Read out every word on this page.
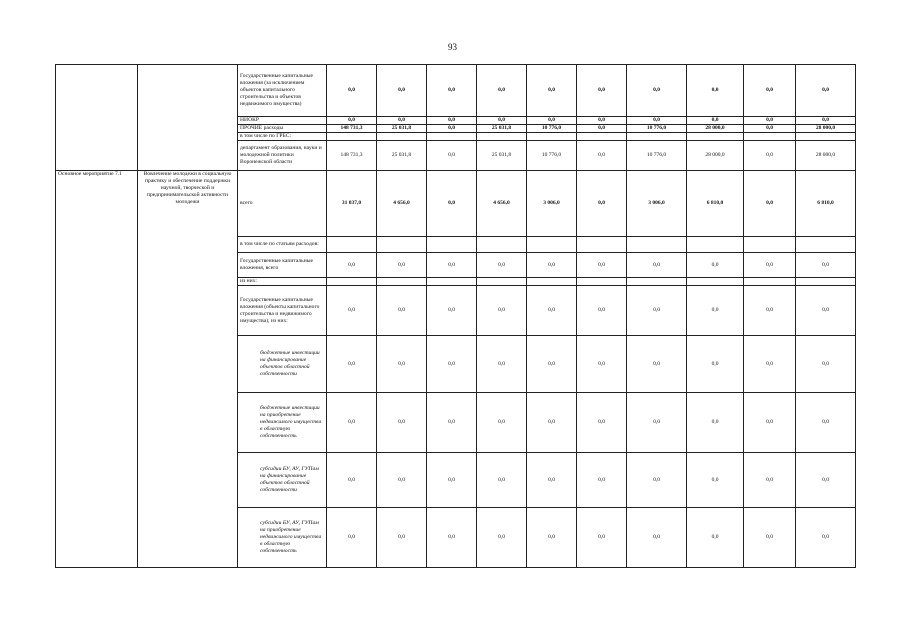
93
		Государственные капитальные вложения (за исключением объектов капитального строительства и объектов недвижимого имущества)	0,0	0,0	0,0	0,0	0,0	0,0	0,0	0,0	0,0	0,0
		НИОКР	0,0	0,0	0,0	0,0	0,0	0,0	0,0	0,0	0,0	0,0
		ПРОЧИЕ расходы	148 731,3	25 031,8	0,0	25 031,8	10 776,0	0,0	10 776,0	28 000,0	0,0	28 000,0
		в том числе по ГРБС:										
		департамент образования, науки и молодежной политики Воронежской области	148 731,3	25 031,8	0,0	25 031,8	10 776,0	0,0	10 776,0	28 000,0	0,0	28 000,0
Основное мероприятие 7.1	Вовлечение молодежи в социальную практику и обеспечение поддержки научной, творческой и предпринимательской активности молодежи	всего	31 037,0	4 656,0	0,0	4 656,0	3 006,0	0,0	3 006,0	6 810,0	0,0	6 810,0
		в том числе по статьям расходов:										
		Государственные капитальные вложения, всего	0,0	0,0	0,0	0,0	0,0	0,0	0,0	0,0	0,0	0,0
		из них:										
		Государственные капитальные вложения (объекты капитального строительства и недвижимого имущества), из них:	0,0	0,0	0,0	0,0	0,0	0,0	0,0	0,0	0,0	0,0
		бюджетные инвестиции на финансирование объектов областной собственности	0,0	0,0	0,0	0,0	0,0	0,0	0,0	0,0	0,0	0,0
		бюджетные инвестиции на приобретение недвижимого имущества в областную собственность	0,0	0,0	0,0	0,0	0,0	0,0	0,0	0,0	0,0	0,0
		субсидии БУ, АУ, ГУПам на финансирование объектов областной собственности	0,0	0,0	0,0	0,0	0,0	0,0	0,0	0,0	0,0	0,0
		субсидии БУ, АУ, ГУПам на приобретение недвижимого имущества в областную собственность	0,0	0,0	0,0	0,0	0,0	0,0	0,0	0,0	0,0	0,0
